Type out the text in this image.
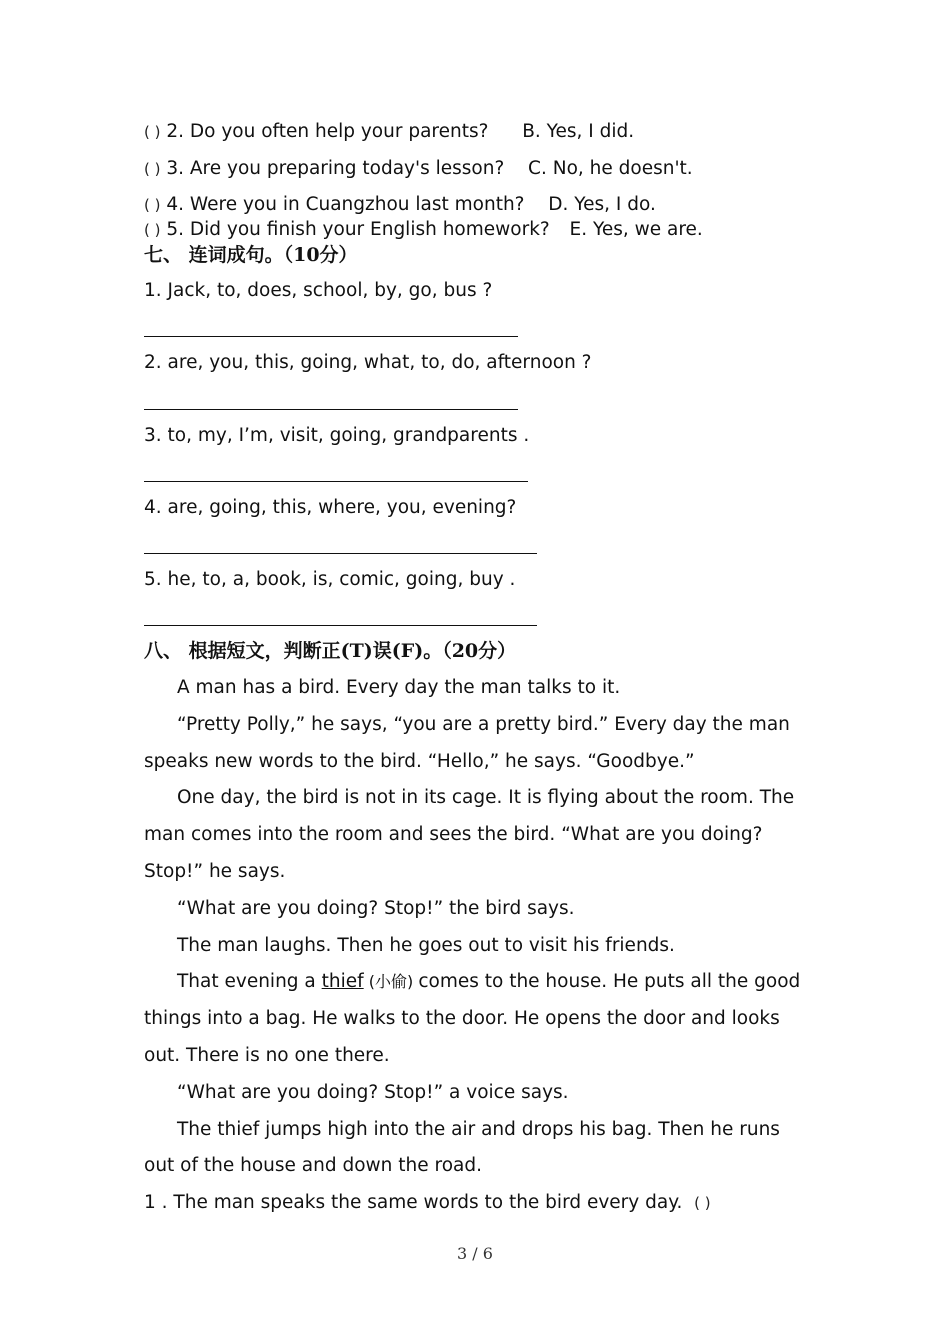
( ) 2. Do you often help your parents? B. Yes, I did.
( ) 3. Are you preparing today's lesson? C. No, he doesn't.
( ) 4. Were you in Cuangzhou last month? D. Yes, I do.
( ) 5. Did you finish your English homework? E. Yes, we are.
七、 连词成句。（10分）
1. Jack, to, does, school, by, go, bus ?
2. are, you, this, going, what, to, do, afternoon ?
3. to, my, I’m, visit, going, grandparents .
4. are, going, this, where, you, evening?
5. he, to, a, book, is, comic, going, buy .
八、 根据短文，判断正(T)误(F)。（20分）

A man has a bird. Every day the man talks to it.

“Pretty Polly,” he says, “you are a pretty bird.” Every day the man speaks new words to the bird. “Hello,” he says. “Goodbye.”

One day, the bird is not in its cage. It is flying about the room. The man comes into the room and sees the bird. “What are you doing? Stop!” he says.

“What are you doing? Stop!” the bird says.

The man laughs. Then he goes out to visit his friends.

That evening a thief (小偷) comes to the house. He puts all the good things into a bag. He walks to the door. He opens the door and looks out. There is no one there.

“What are you doing? Stop!” a voice says.

The thief jumps high into the air and drops his bag. Then he runs out of the house and down the road.

1 . The man speaks the same words to the bird every day. ( )

3 / 6
